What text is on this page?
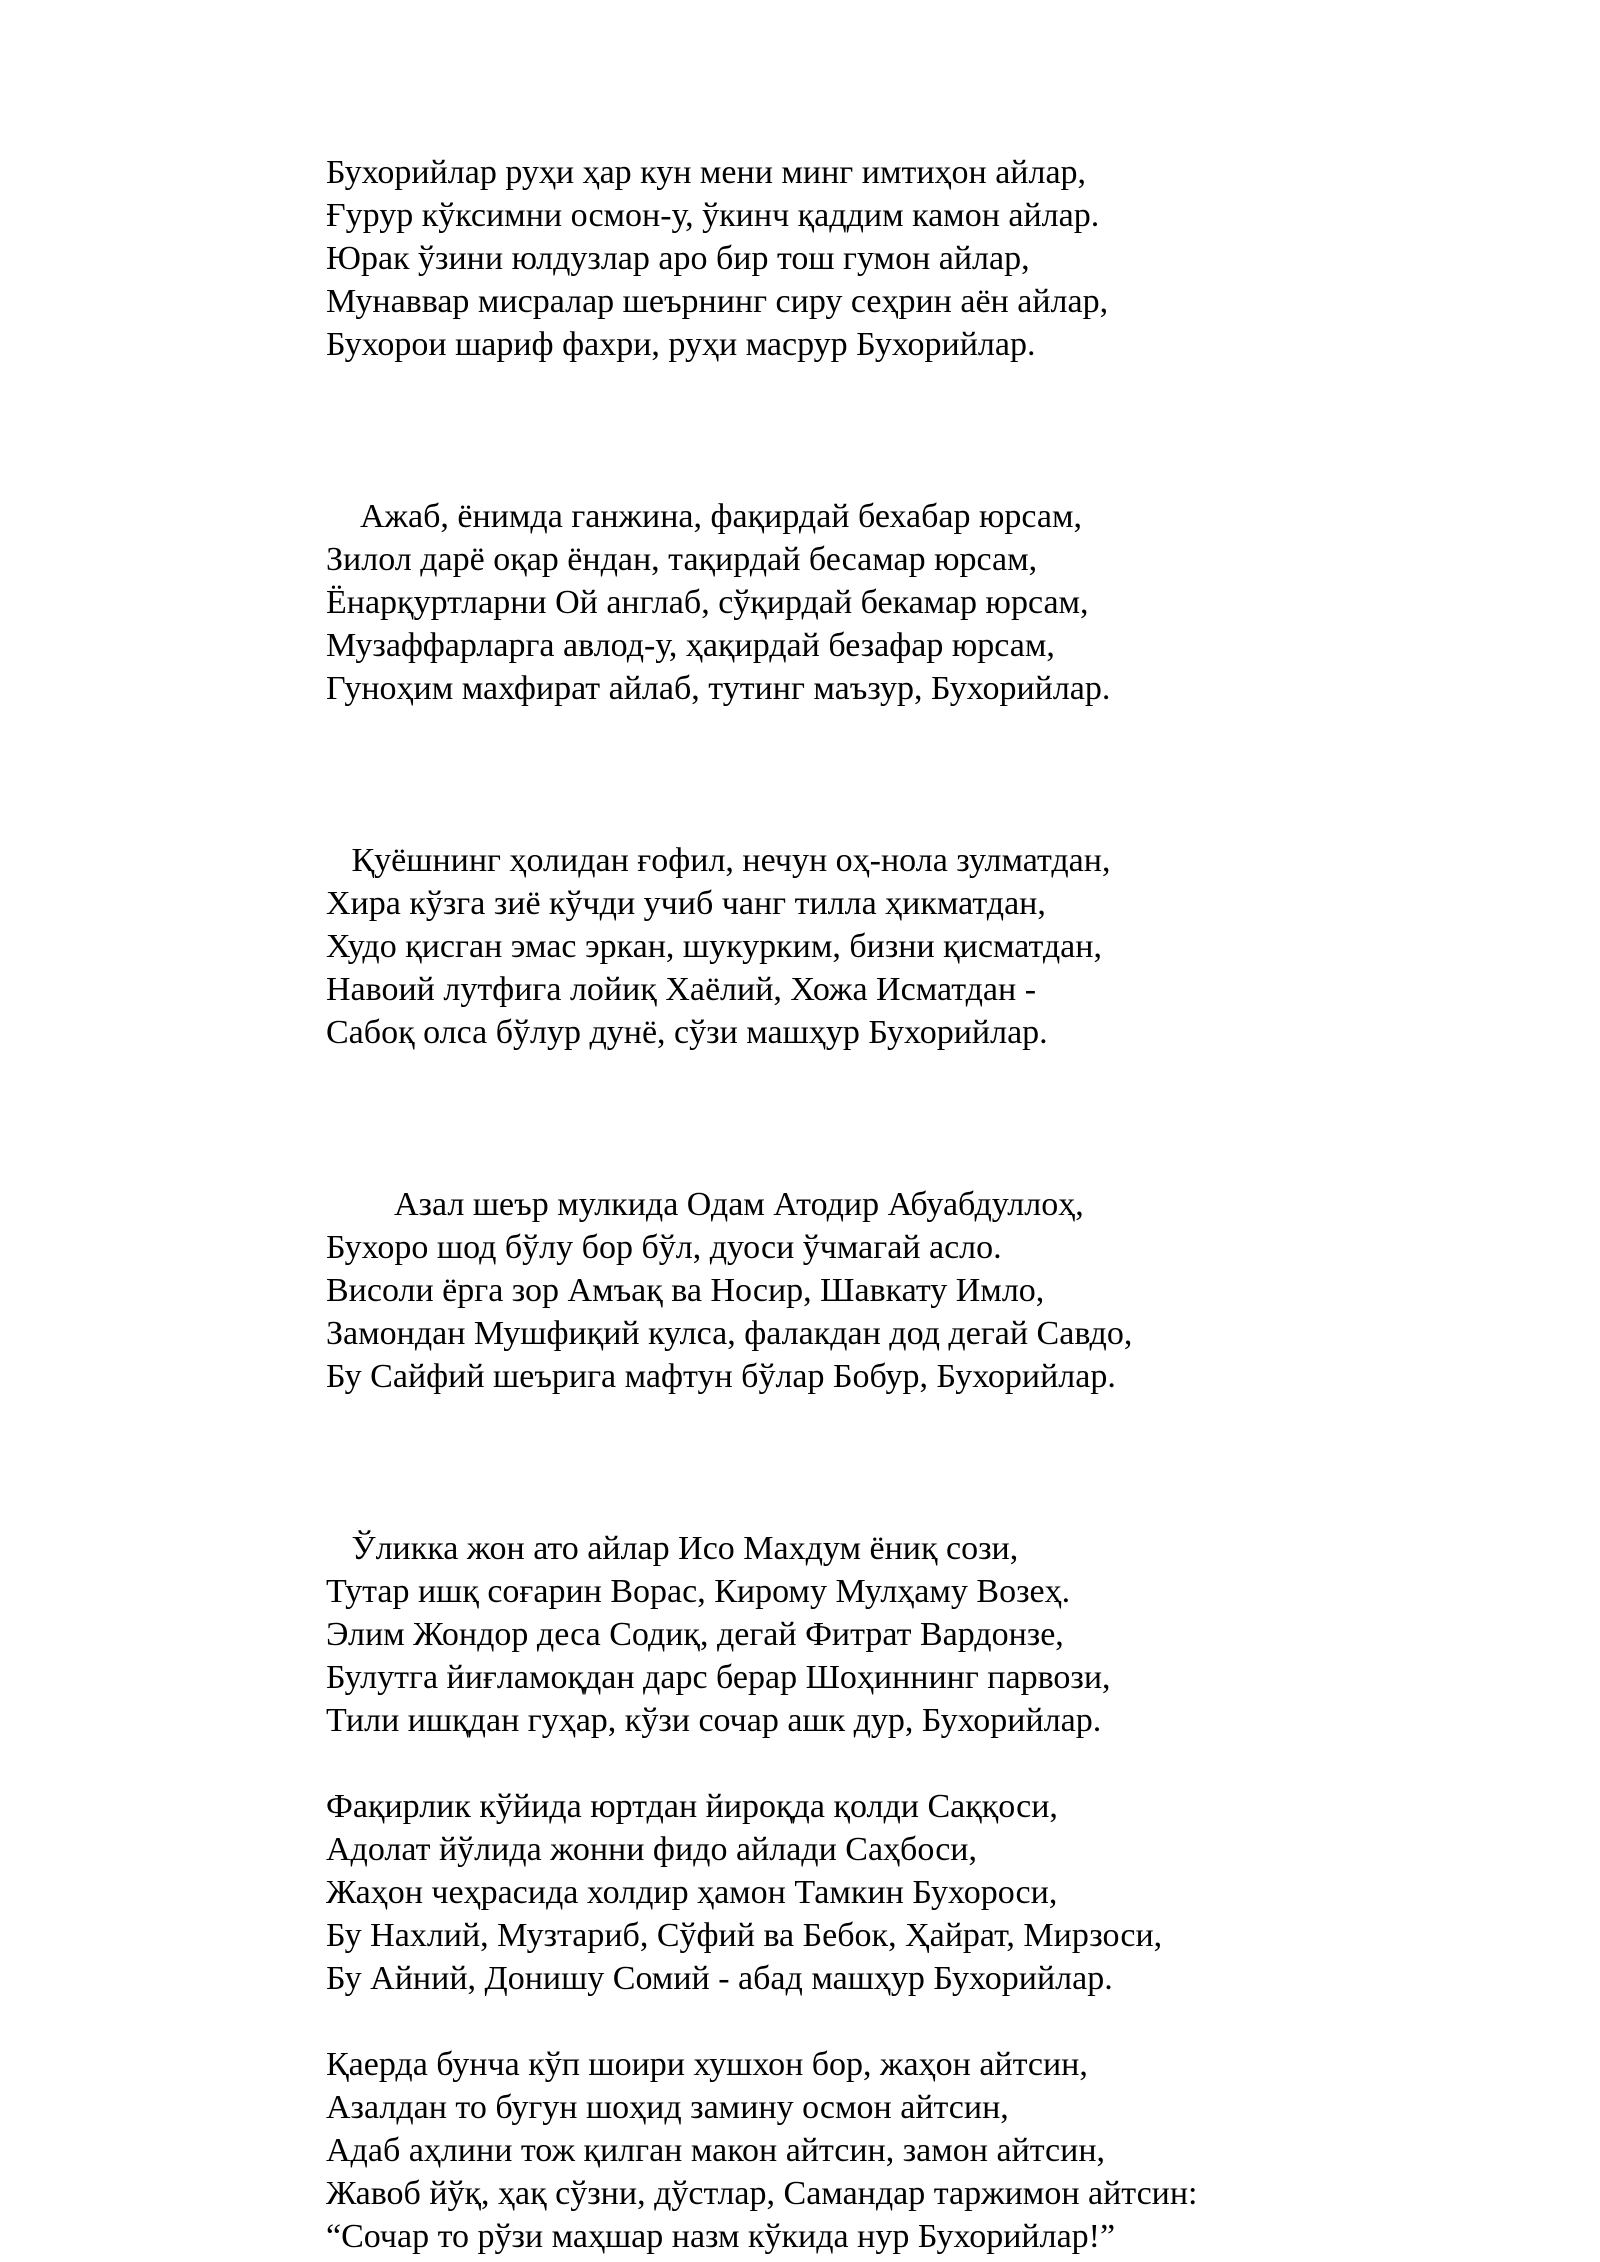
Бухорийлар руҳи ҳар кун мени минг имтиҳон айлар,
Ғурур кўксимни осмон-у, ўкинч қаддим камон айлар.
Юрак ўзини юлдузлар аро бир тош гумон айлар,
Мунаввар мисралар шеърнинг сиру сеҳрин аён айлар,
Бухорои шариф фахри, руҳи масрур Бухорийлар.
Ажаб, ёнимда ганжина, фақирдай бехабар юрсам,
Зилол дарё оқар ёндан, тақирдай бесамар юрсам,
Ёнарқуртларни Ой англаб, сўқирдай бекамар юрсам,
Музаффарларга авлод-у, ҳақирдай безафар юрсам,
Гуноҳим махфират айлаб, тутинг маъзур, Бухорийлар.
Қуёшнинг ҳолидан ғофил, нечун оҳ-нола зулматдан,
Хира кўзга зиё кўчди учиб чанг тилла ҳикматдан,
Худо қисган эмас эркан, шукурким, бизни қисматдан,
Навоий лутфига лойиқ Хаёлий, Хожа Исматдан -
Сабоқ олса бўлур дунё, сўзи машҳур Бухорийлар.
Азал шеър мулкида Одам Атодир Абуабдуллоҳ,
Бухоро шод бўлу бор бўл, дуоси ўчмагай асло.
Висоли ёрга зор Амъақ ва Носир, Шавкату Имло,
Замондан Мушфиқий кулса, фалакдан дод дегай Савдо,
Бу Сайфий шеърига мафтун бўлар Бобур, Бухорийлар.
Ўликка жон ато айлар Исо Махдум ёниқ сози,
Тутар ишқ соғарин Ворас, Кирому Мулҳаму Возеҳ.
Элим Жондор деса Содиқ, дегай Фитрат Вардонзе,
Булутга йиғламоқдан дарс берар Шоҳиннинг парвози,
Тили ишқдан гуҳар, кўзи сочар ашк дур, Бухорийлар.
Фақирлик кўйида юртдан йироқда қолди Саққоси,
Адолат йўлида жонни фидо айлади Саҳбоси,
Жаҳон чеҳрасида холдир ҳамон Тамкин Бухороси,
Бу Нахлий, Музтариб, Сўфий ва Бебок, Ҳайрат, Мирзоси,
Бу Айний, Донишу Сомий - абад машҳур Бухорийлар.
Қаерда бунча кўп шоири хушхон бор, жаҳон айтсин,
Азалдан то бугун шоҳид замину осмон айтсин,
Адаб аҳлини тож қилган макон айтсин, замон айтсин,
Жавоб йўқ, ҳақ сўзни, дўстлар, Самандар таржимон айтсин:
“Сочар то рўзи маҳшар назм кўкида нур Бухорийлар!”
